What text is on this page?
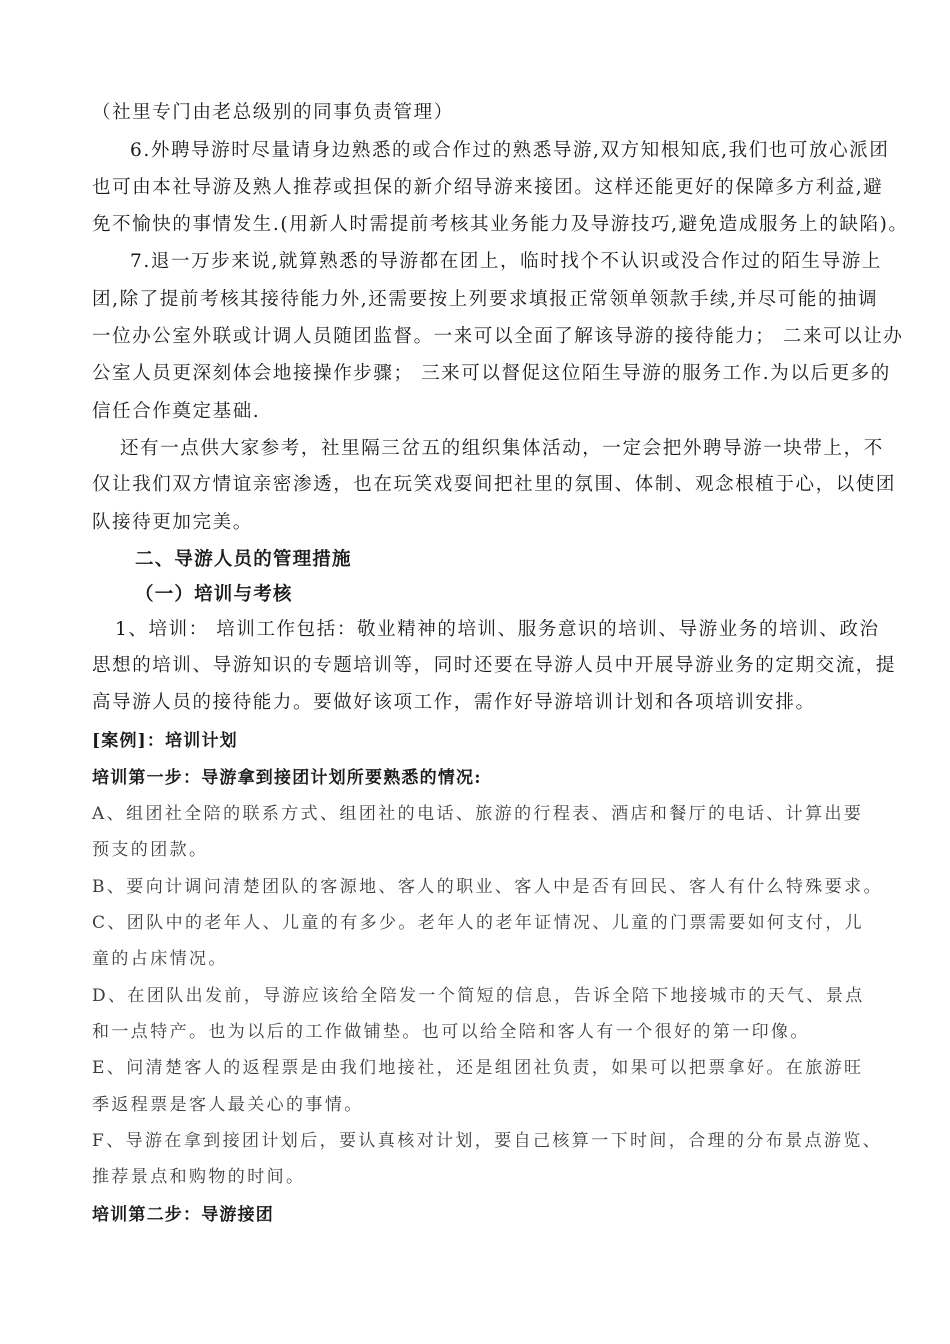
（社里专门由老总级别的同事负责管理）
6.外聘导游时尽量请身边熟悉的或合作过的熟悉导游,双方知根知底,我们也可放心派团
也可由本社导游及熟人推荐或担保的新介绍导游来接团。这样还能更好的保障多方利益,避
免不愉快的事情发生.(用新人时需提前考核其业务能力及导游技巧,避免造成服务上的缺陷)。
7.退一万步来说,就算熟悉的导游都在团上，临时找个不认识或没合作过的陌生导游上
团,除了提前考核其接待能力外,还需要按上列要求填报正常领单领款手续,并尽可能的抽调
一位办公室外联或计调人员随团监督。一来可以全面了解该导游的接待能力； 二来可以让办
公室人员更深刻体会地接操作步骤； 三来可以督促这位陌生导游的服务工作.为以后更多的
信任合作奠定基础.
还有一点供大家参考，社里隔三岔五的组织集体活动，一定会把外聘导游一块带上，不
仅让我们双方情谊亲密渗透，也在玩笑戏耍间把社里的氛围、体制、观念根植于心，以使团
队接待更加完美。
二、导游人员的管理措施
（一）培训与考核
1、培训： 培训工作包括：敬业精神的培训、服务意识的培训、导游业务的培训、政治
思想的培训、导游知识的专题培训等，同时还要在导游人员中开展导游业务的定期交流，提
高导游人员的接待能力。要做好该项工作，需作好导游培训计划和各项培训安排。
[案例]：培训计划
培训第一步：导游拿到接团计划所要熟悉的情况:
A、组团社全陪的联系方式、组团社的电话、旅游的行程表、酒店和餐厅的电话、计算出要
预支的团款。
B、要向计调问清楚团队的客源地、客人的职业、客人中是否有回民、客人有什么特殊要求。
C、团队中的老年人、儿童的有多少。老年人的老年证情况、儿童的门票需要如何支付，儿
童的占床情况。
D、在团队出发前，导游应该给全陪发一个简短的信息，告诉全陪下地接城市的天气、景点
和一点特产。也为以后的工作做铺垫。也可以给全陪和客人有一个很好的第一印像。
E、问清楚客人的返程票是由我们地接社，还是组团社负责，如果可以把票拿好。在旅游旺
季返程票是客人最关心的事情。
F、导游在拿到接团计划后，要认真核对计划，要自己核算一下时间，合理的分布景点游览、
推荐景点和购物的时间。
培训第二步：导游接团
